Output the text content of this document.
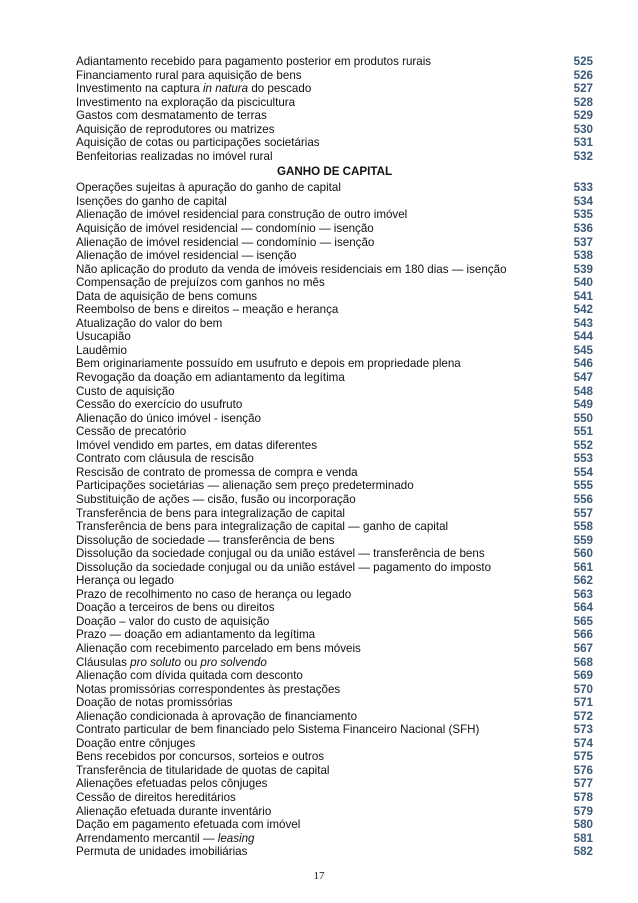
Adiantamento recebido para pagamento posterior em produtos rurais	525
Financiamento rural para aquisição de bens	526
Investimento na captura in natura do pescado	527
Investimento na exploração da piscicultura	528
Gastos com desmatamento de terras	529
Aquisição de reprodutores ou matrizes	530
Aquisição de cotas ou participações societárias	531
Benfeitorias realizadas no imóvel rural	532
GANHO DE CAPITAL
Operações sujeitas à apuração do ganho de capital	533
Isenções do ganho de capital	534
Alienação de imóvel residencial para construção de outro imóvel	535
Aquisição de imóvel residencial — condomínio — isenção	536
Alienação de imóvel residencial — condomínio — isenção	537
Alienação de imóvel residencial — isenção	538
Não aplicação do produto da venda de imóveis residenciais em 180 dias — isenção	539
Compensação de prejuízos com ganhos no mês	540
Data de aquisição de bens comuns	541
Reembolso de bens e direitos – meação e herança	542
Atualização do valor do bem	543
Usucapião	544
Laudêmio	545
Bem originariamente possuído em usufruto e depois em propriedade plena	546
Revogação da doação em adiantamento da legítima	547
Custo de aquisição	548
Cessão do exercício do usufruto	549
Alienação do único imóvel - isenção	550
Cessão de precatório	551
Imóvel vendido em partes, em datas diferentes	552
Contrato com cláusula de rescisão	553
Rescisão de contrato de promessa de compra e venda	554
Participações societárias — alienação sem preço predeterminado	555
Substituição de ações — cisão, fusão ou incorporação	556
Transferência de bens para integralização de capital	557
Transferência de bens para integralização de capital — ganho de capital	558
Dissolução de sociedade — transferência de bens	559
Dissolução da sociedade conjugal ou da união estável — transferência de bens	560
Dissolução da sociedade conjugal ou da união estável — pagamento do imposto	561
Herança ou legado	562
Prazo de recolhimento no caso de herança ou legado	563
Doação a terceiros de bens ou direitos	564
Doação – valor do custo de aquisição	565
Prazo — doação em adiantamento da legítima	566
Alienação com recebimento parcelado em bens móveis	567
Cláusulas pro soluto ou pro solvendo	568
Alienação com dívida quitada com desconto	569
Notas promissórias correspondentes às prestações	570
Doação de notas promissórias	571
Alienação condicionada à aprovação de financiamento	572
Contrato particular de bem financiado pelo Sistema Financeiro Nacional (SFH)	573
Doação entre cônjuges	574
Bens recebidos por concursos, sorteios e outros	575
Transferência de titularidade de quotas de capital	576
Alienações efetuadas pelos cônjuges	577
Cessão de direitos hereditários	578
Alienação efetuada durante inventário	579
Dação em pagamento efetuada com imóvel	580
Arrendamento mercantil — leasing	581
Permuta de unidades imobiliárias	582
17
